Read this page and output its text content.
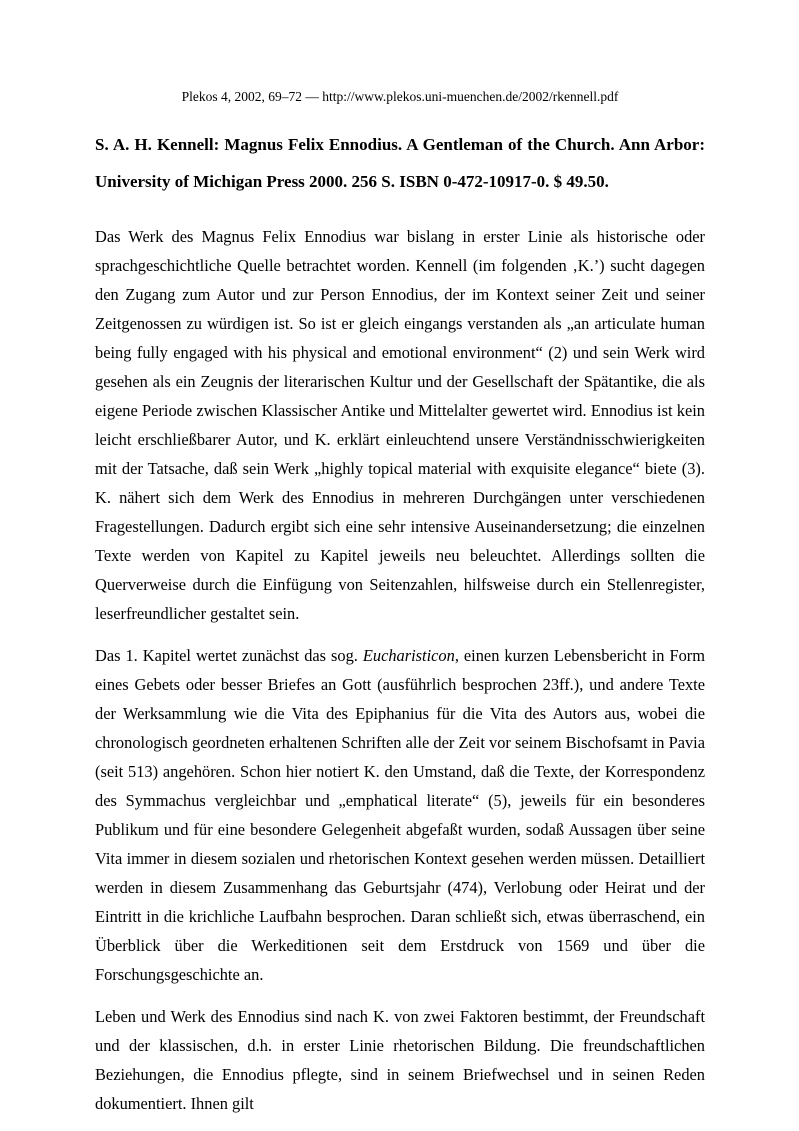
Plekos 4, 2002, 69–72 — http://www.plekos.uni-muenchen.de/2002/rkennell.pdf
S. A. H. Kennell: Magnus Felix Ennodius. A Gentleman of the Church. Ann Arbor: University of Michigan Press 2000. 256 S. ISBN 0-472-10917-0. $ 49.50.

Das Werk des Magnus Felix Ennodius war bislang in erster Linie als historische oder sprachgeschichtliche Quelle betrachtet worden. Kennell (im folgenden ‚K.’) sucht dagegen den Zugang zum Autor und zur Person Ennodius, der im Kontext seiner Zeit und seiner Zeitgenossen zu würdigen ist. So ist er gleich eingangs verstanden als „an articulate human being fully engaged with his physical and emotional environment“ (2) und sein Werk wird gesehen als ein Zeugnis der literarischen Kultur und der Gesellschaft der Spätantike, die als eigene Periode zwischen Klassischer Antike und Mittelalter gewertet wird. Ennodius ist kein leicht erschließbarer Autor, und K. erklärt einleuchtend unsere Verständnisschwierigkeiten mit der Tatsache, daß sein Werk „highly topical material with exquisite elegance“ biete (3). K. nähert sich dem Werk des Ennodius in mehreren Durchgängen unter verschiedenen Fragestellungen. Dadurch ergibt sich eine sehr intensive Auseinandersetzung; die einzelnen Texte werden von Kapitel zu Kapitel jeweils neu beleuchtet. Allerdings sollten die Querverweise durch die Einfügung von Seitenzahlen, hilfsweise durch ein Stellenregister, leserfreundlicher gestaltet sein.

Das 1. Kapitel wertet zunächst das sog. Eucharisticon, einen kurzen Lebensbericht in Form eines Gebets oder besser Briefes an Gott (ausführlich besprochen 23ff.), und andere Texte der Werksammlung wie die Vita des Epiphanius für die Vita des Autors aus, wobei die chronologisch geordneten erhaltenen Schriften alle der Zeit vor seinem Bischofsamt in Pavia (seit 513) angehören. Schon hier notiert K. den Umstand, daß die Texte, der Korrespondenz des Symmachus vergleichbar und „emphatical literate“ (5), jeweils für ein besonderes Publikum und für eine besondere Gelegenheit abgefaßt wurden, sodaß Aussagen über seine Vita immer in diesem sozialen und rhetorischen Kontext gesehen werden müssen. Detailliert werden in diesem Zusammenhang das Geburtsjahr (474), Verlobung oder Heirat und der Eintritt in die krichliche Laufbahn besprochen. Daran schließt sich, etwas überraschend, ein Überblick über die Werkeditionen seit dem Erstdruck von 1569 und über die Forschungsgeschichte an.

Leben und Werk des Ennodius sind nach K. von zwei Faktoren bestimmt, der Freundschaft und der klassischen, d.h. in erster Linie rhetorischen Bildung. Die freundschaftlichen Beziehungen, die Ennodius pflegte, sind in seinem Briefwechsel und in seinen Reden dokumentiert. Ihnen gilt
